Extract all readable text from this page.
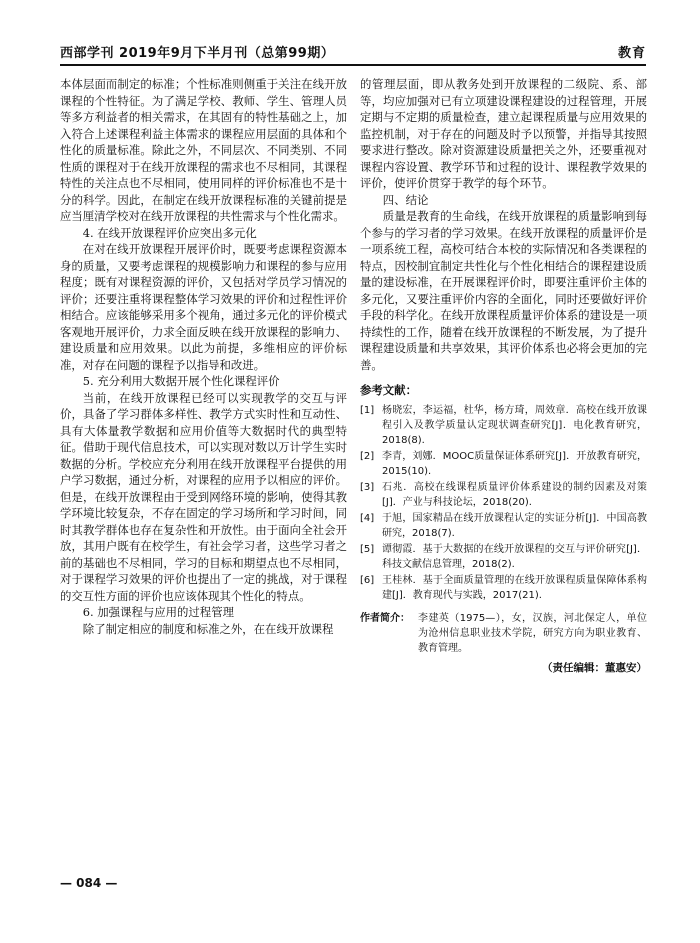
西部学刊 2019年9月下半月刊（总第99期）	教育

本体层面而制定的标准；个性标准则侧重于关注在线开放课程的个性特征。为了满足学校、教师、学生、管理人员等多方利益者的相关需求，在其固有的特性基础之上，加入符合上述课程利益主体需求的课程应用层面的具体和个性化的质量标准。除此之外，不同层次、不同类别、不同性质的课程对于在线开放课程的需求也不尽相同，其课程特性的关注点也不尽相同，使用同样的评价标准也不是十分的科学。因此，在制定在线开放课程标准的关键前提是应当厘清学校对在线开放课程的共性需求与个性化需求。

4. 在线开放课程评价应突出多元化

在对在线开放课程开展评价时，既要考虑课程资源本身的质量，又要考虑课程的规模影响力和课程的参与应用程度；既有对课程资源的评价，又包括对学员学习情况的评价；还要注重将课程整体学习效果的评价和过程性评价相结合。应该能够采用多个视角，通过多元化的评价模式客观地开展评价，力求全面反映在线开放课程的影响力、建设质量和应用效果。以此为前提，多维相应的评价标准，对存在问题的课程予以指导和改进。

5. 充分利用大数据开展个性化课程评价

当前，在线开放课程已经可以实现教学的交互与评价，具备了学习群体多样性、教学方式实时性和互动性、具有大体量教学数据和应用价值等大数据时代的典型特征。借助于现代信息技术，可以实现对数以万计学生实时数据的分析。学校应充分利用在线开放课程平台提供的用户学习数据，通过分析，对课程的应用予以相应的评价。但是，在线开放课程由于受到网络环境的影响，使得其教学环境比较复杂，不存在固定的学习场所和学习时间，同时其教学群体也存在复杂性和开放性。由于面向全社会开放，其用户既有在校学生，有社会学习者，这些学习者之前的基础也不尽相同，学习的目标和期望点也不尽相同，对于课程学习效果的评价也提出了一定的挑战，对于课程的交互性方面的评价也应该体现其个性化的特点。

6. 加强课程与应用的过程管理

除了制定相应的制度和标准之外，在在线开放课程

的管理层面，即从教务处到开放课程的二级院、系、部等，均应加强对已有立项建设课程建设的过程管理，开展定期与不定期的质量检查，建立起课程质量与应用效果的监控机制，对于存在的问题及时予以预警，并指导其按照要求进行整改。除对资源建设质量把关之外，还要重视对课程内容设置、教学环节和过程的设计、课程教学效果的评价，使评价贯穿于教学的每个环节。

四、结论

质量是教育的生命线，在线开放课程的质量影响到每个参与的学习者的学习效果。在线开放课程的质量评价是一项系统工程，高校可结合本校的实际情况和各类课程的特点，因校制宜制定共性化与个性化相结合的课程建设质量的建设标准，在开展课程评价时，即要注重评价主体的多元化，又要注重评价内容的全面化，同时还要做好评价手段的科学化。在线开放课程质量评价体系的建设是一项持续性的工作，随着在线开放课程的不断发展，为了提升课程建设质量和共享效果，其评价体系也必将会更加的完善。

参考文献：

[1] 杨晓宏，李运福，杜华，杨方琦，周效章．高校在线开放课程引入及教学质量认定现状调查研究[J]．电化教育研究，2018(8).
[2] 李青，刘娜．MOOC质量保证体系研究[J]．开放教育研究，2015(10).
[3] 石兆．高校在线课程质量评价体系建设的制约因素及对策[J]．产业与科技论坛，2018(20).
[4] 于旭，国家精品在线开放课程认定的实证分析[J]．中国高教研究，2018(7).
[5] 谭彻霞．基于大数据的在线开放课程的交互与评价研究[J]．科技文献信息管理，2018(2).
[6] 王桂林．基于全面质量管理的在线开放课程质量保障体系构建[J]．教育现代与实践，2017(21).
作者简介： 李建英（1975—），女，汉族，河北保定人，单位为沧州信息职业技术学院，研究方向为职业教育、教育管理。
（责任编辑：董惠安）
— 084 —
